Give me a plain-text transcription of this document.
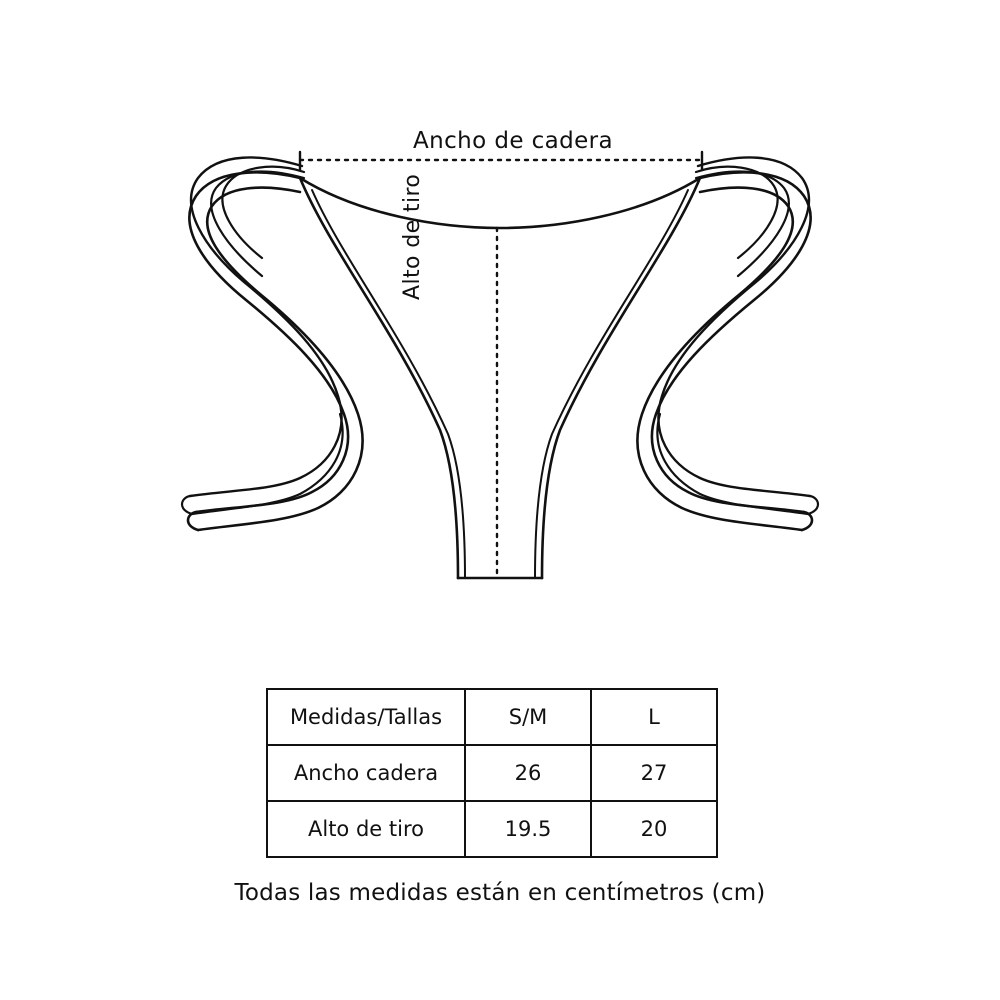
Ancho de cadera
Alto de tiro
Medidas/Tallas	S/M	L
Ancho cadera	26	27
Alto de tiro	19.5	20
Todas las medidas están en centímetros (cm)
